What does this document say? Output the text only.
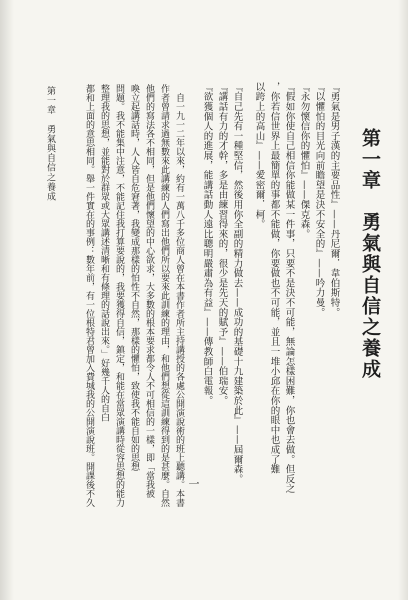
第一章　勇氣與自信之養成
『勇氣是男子漢的主要品性』——丹尼爾．韋伯斯特。
『以懼怕的目光向前瞻望是決不安全的』——吟力曼。
『永勿懷信你的懼怕』——傑克森。
『假如你使自己相信你能做某一件事，只要不是決不可能，無論怎樣困難，你也會去做。但反之
，你若信世界上最簡單的事都不能做，你要做也不可能，並且一堆小邱在你的眼中也成了難
以跨上的高山』——愛密爾．柯。
『自己先有一種堅信，然後用你全副的精力做去——成功的基礎十九建築於此』——屆爾森。
『講話有力的才幹，多是由練習得來的，很少是先天的賦予』——伯瑞安。
『欲獲個人的進展，能講話動人遠比聰明嚴肅為有益』——傳教師白電報。
一
自一九一二年以來，約有一萬八千多位商人曾在本書作者所主持講授的各處公開演說術的班上聽講。本書
作者曾請求過無數來此講練的人們寫出他們所以要來此訓練的理由，和他們想從這訓練得到的是甚麼。自然
他們的寫法各不相同，但是他們懷望的中心欲求，大多數的根本要求都令人不可相信的一樣，即「當我被
喚立起講話時，人人皆自危窘著，我變成那樣的怕性不自然，那樣的懼怕，致使我不能自如的思想
問題。我不能集中注意，不能記住我打算要說的，我要獲得自信，鎮定，和能在當眾演講時從容思想的能力
整理我的思想，並能對於群眾或大眾講述清晰和有條理的話說出來。」好幾千人的自白
都和上面的意思相同。舉一件實在的事例：數年前，有一位根特君曾加入費城我的公開演說班。開課後不久
第一章　勇氣與自信之養成
